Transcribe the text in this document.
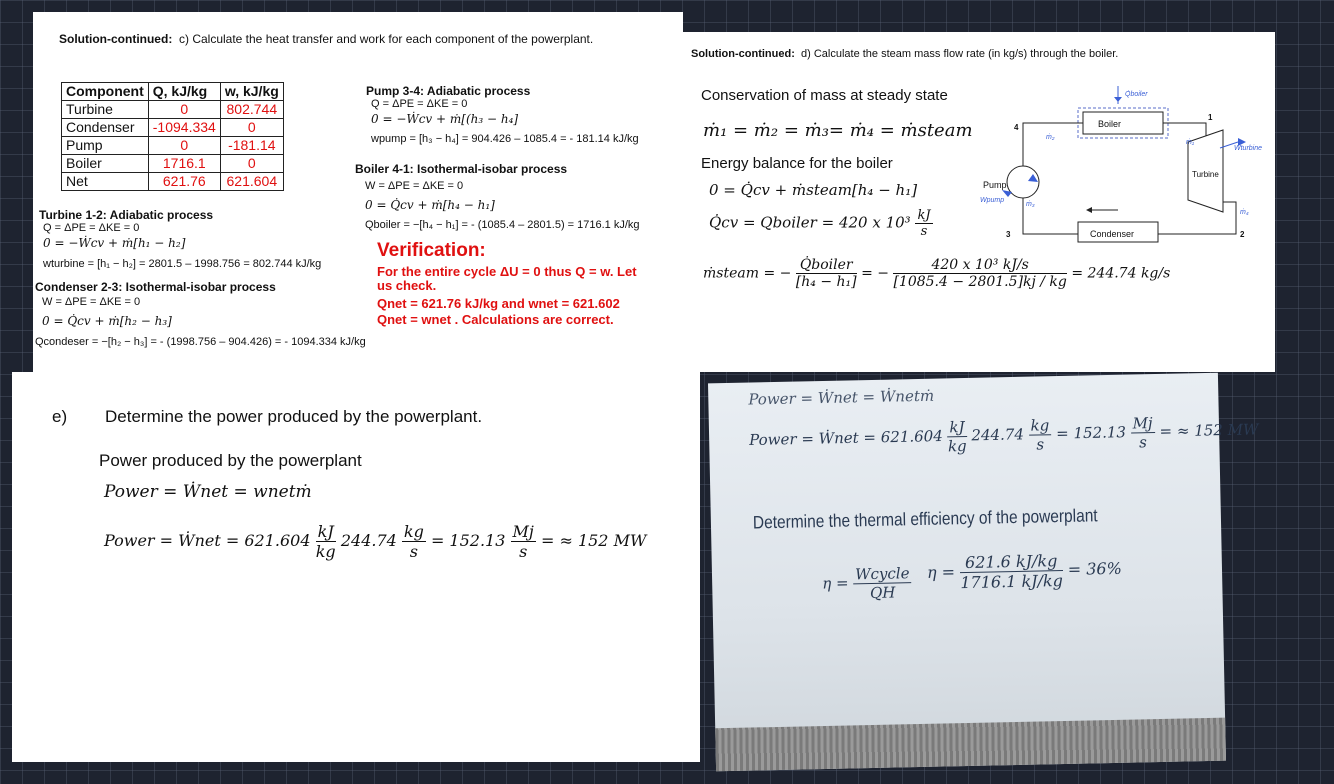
Solution-continued: c) Calculate the heat transfer and work for each component of the powerplant.
Component	Q, kJ/kg	w, kJ/kg
Turbine	0	802.744
Condenser	-1094.334	0
Pump	0	-181.14
Boiler	1716.1	0
Net	621.76	621.604
Pump 3-4: Adiabatic process
Q = ΔPE = ΔKE = 0
0 = −Ẇcv + ṁ[(h₃ − h₄]
wpump = [h₃ − h₄] = 904.426 – 1085.4 = - 181.14 kJ/kg
Boiler 4-1: Isothermal-isobar process
W = ΔPE = ΔKE = 0
0 = Q̇cv + ṁ[h₄ − h₁]
Qboiler = −[h₄ − h₁] = - (1085.4 – 2801.5) = 1716.1 kJ/kg
Turbine 1-2: Adiabatic process
Q = ΔPE = ΔKE = 0
0 = −Ẇcv + ṁ[h₁ − h₂]
wturbine = [h₁ − h₂] = 2801.5 – 1998.756 = 802.744 kJ/kg
Verification:
For the entire cycle ΔU = 0 thus Q = w. Let
us check.
Qnet = 621.76 kJ/kg and wnet = 621.602
Qnet = wnet . Calculations are correct.
Condenser 2-3: Isothermal-isobar process
W = ΔPE = ΔKE = 0
0 = Q̇cv + ṁ[h₂ − h₃]
Qcondeser = −[h₂ − h₃] = - (1998.756 – 904.426) = - 1094.334 kJ/kg
Solution-continued: d) Calculate the steam mass flow rate (in kg/s) through the boiler.
Conservation of mass at steady state
ṁ₁ = ṁ₂ = ṁ₃= ṁ₄ = ṁsteam
Energy balance for the boiler
0 = Q̇cv + ṁsteam[h₄ − h₁]
Q̇cv = Qboiler = 420 x $10^3 \frac{kJ}{s}$
ṁsteam = − $\frac{\text{Q̇boiler}}{\text{[h₄ − h₁]}}$ = − $\frac{\text{420 x 10³ kJ/s}}{[1085.4 - 2801.5]kj / kg} = 244.74$ kg/s
Boiler
Turbine
Condenser
Pump
Q̇boiler
Wturbine
Wpump
1
2
3
4
ṁ₁
ṁ₂
ṁ₃
ṁ₄
e) Determine the power produced by the powerplant.
Power produced by the powerplant
Power = Ẇnet = wnetṁ
Power = Ẇnet = $621.604 \frac{kJ}{kg} 244.74 \frac{kg}{s} = 152.13 \frac{Mj}{s}$ = ≈ 152 MW
Power = Ẇnet = Ẇnetṁ
Power = Ẇnet = $621.604 \frac{kJ}{kg} 244.74 \frac{kg}{s} = 152.13 \frac{Mj}{s}$ = ≈ 152 MW
Determine the thermal efficiency of the powerplant
$\eta = \frac{\text{Wcycle}}{QH}$ $\eta = \frac{621.6 kJ/kg}{1716.1 kJ/kg} = 36\%$
